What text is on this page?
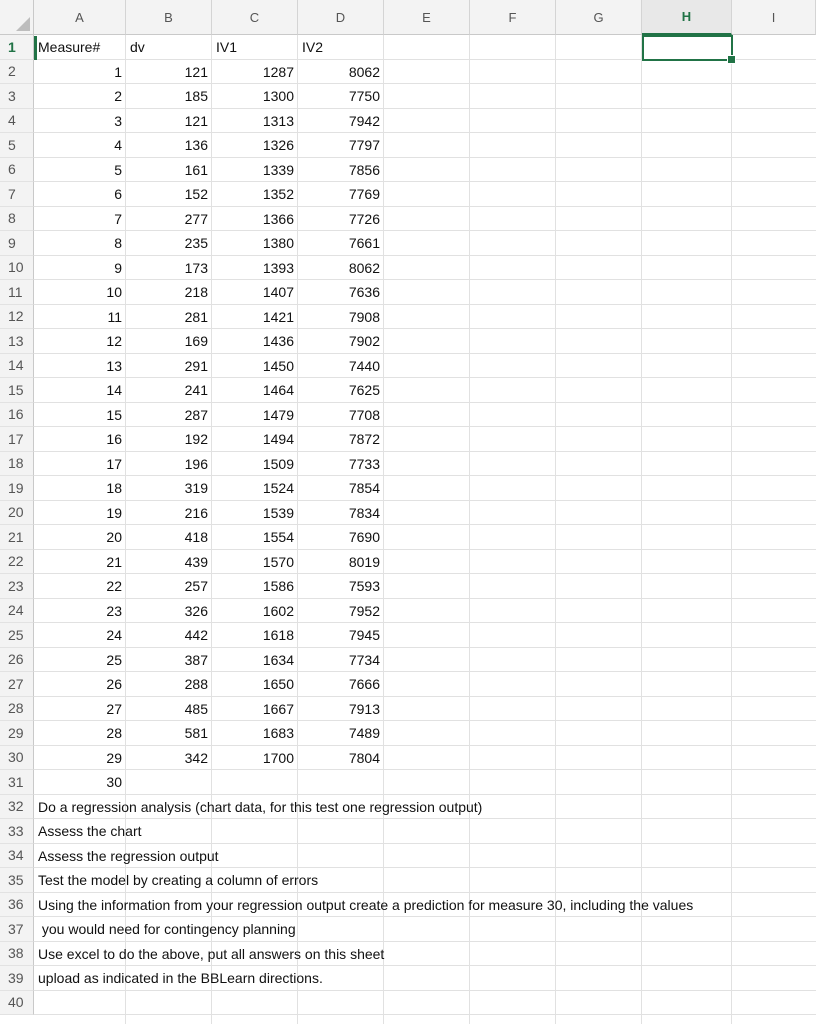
A	B	C	D	E	F	G	H	I
1
2
3
4
5
6
7
8
9
10
11
12
13
14
15
16
17
18
19
20
21
22
23
24
25
26
27
28
29
30
31
32
33
34
35
36
37
38
39
40
Measure#	dv	IV1	IV2
1	121	1287	8062
2	185	1300	7750
3	121	1313	7942
4	136	1326	7797
5	161	1339	7856
6	152	1352	7769
7	277	1366	7726
8	235	1380	7661
9	173	1393	8062
10	218	1407	7636
11	281	1421	7908
12	169	1436	7902
13	291	1450	7440
14	241	1464	7625
15	287	1479	7708
16	192	1494	7872
17	196	1509	7733
18	319	1524	7854
19	216	1539	7834
20	418	1554	7690
21	439	1570	8019
22	257	1586	7593
23	326	1602	7952
24	442	1618	7945
25	387	1634	7734
26	288	1650	7666
27	485	1667	7913
28	581	1683	7489
29	342	1700	7804
30
Do a regression analysis (chart data, for this test one regression output)
Assess the chart
Assess the regression output
Test the model by creating a column of errors
Using the information from your regression output create a prediction for measure 30, including the values
you would need for contingency planning
Use excel to do the above, put all answers on this sheet
upload as indicated in the BBLearn directions.
